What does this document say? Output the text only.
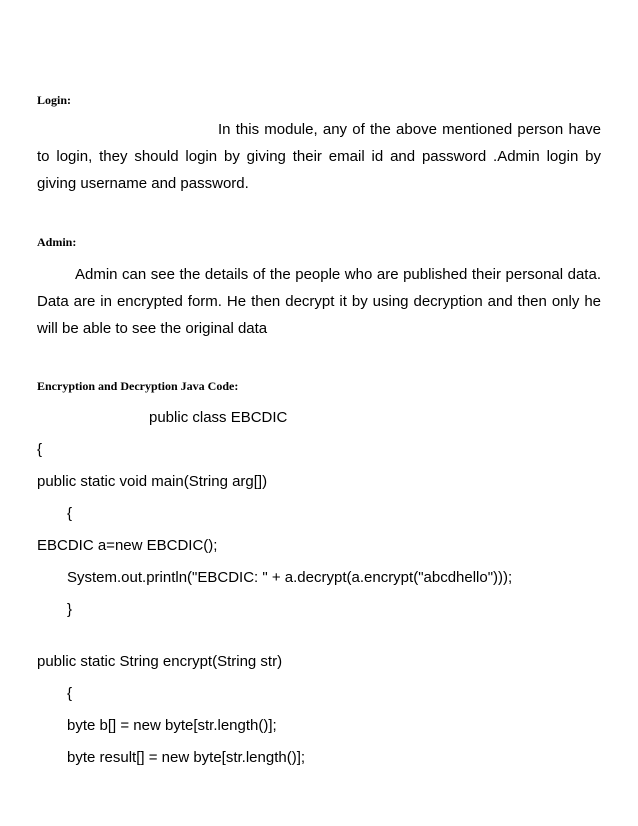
Login:
In this module, any of the above mentioned person have to login, they should login by giving their email id and password .Admin login by giving username and password.
Admin:
Admin can see the details of the people who are published their personal data. Data are in encrypted form. He then decrypt it by using decryption and then only he will be able to see the original data
Encryption and Decryption Java Code:
public class EBCDIC
{
public static void main(String arg[])
{
EBCDIC a=new EBCDIC();
System.out.println("EBCDIC: " + a.decrypt(a.encrypt("abcdhello")));
}
public static String encrypt(String str)
{
byte b[] = new byte[str.length()];
byte result[] = new byte[str.length()];
